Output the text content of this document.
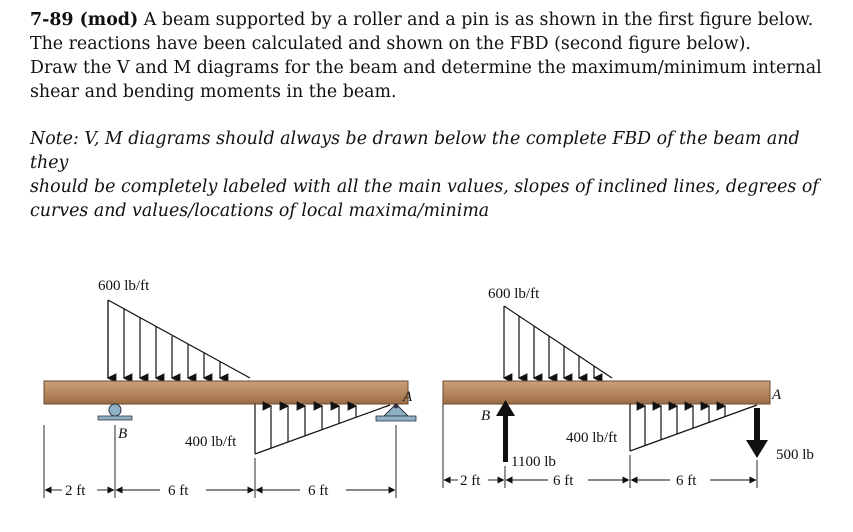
7-89 (mod) A beam supported by a roller and a pin is as shown in the first figure below.
The reactions have been calculated and shown on the FBD (second figure below).
Draw the V and M diagrams for the beam and determine the maximum/minimum internal
shear and bending moments in the beam.
Note: V, M diagrams should always be drawn below the complete FBD of the beam and they
should be completely labeled with all the main values, slopes of inclined lines, degrees of
curves and values/locations of local maxima/minima
600 lb/ft
400 lb/ft
B
A
2 ft	6 ft	6 ft
600 lb/ft
400 lb/ft
B
1100 lb
A
500 lb
2 ft	6 ft	6 ft
